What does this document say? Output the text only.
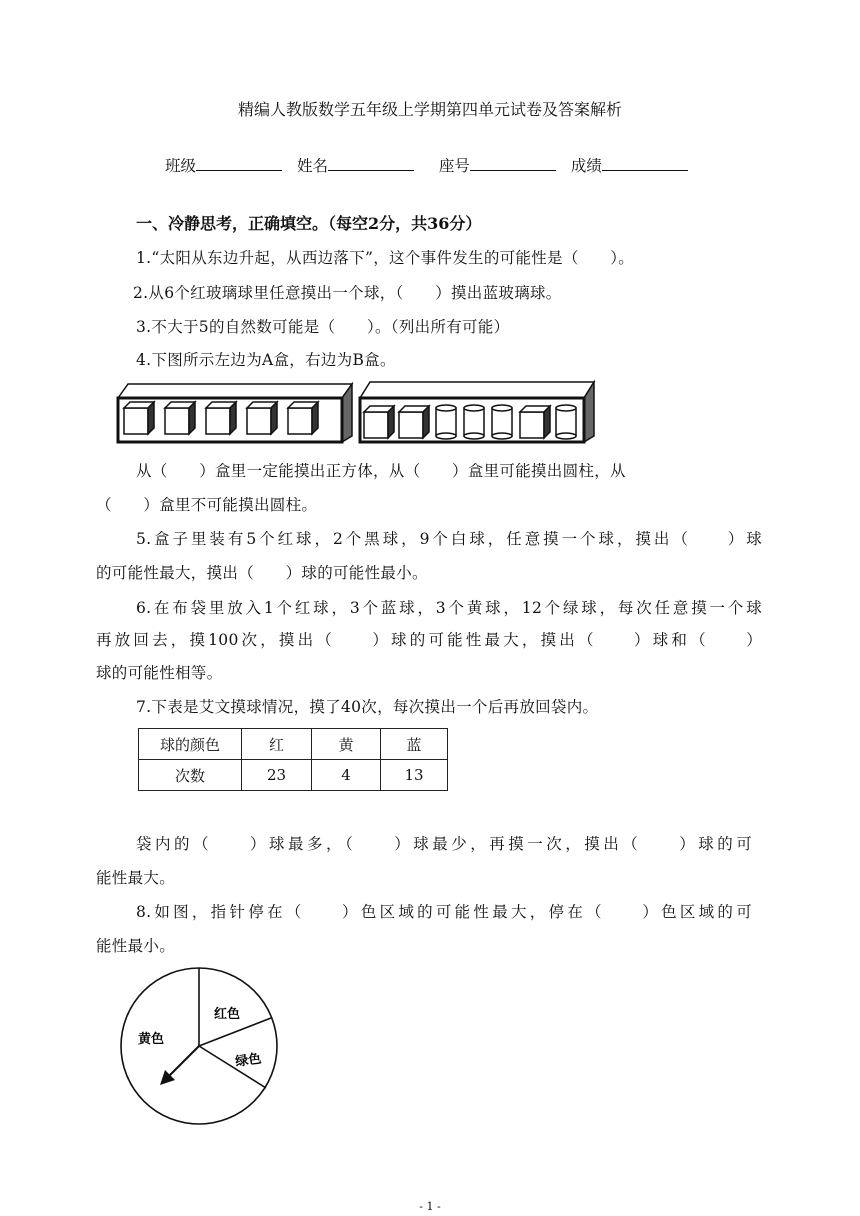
精编人教版数学五年级上学期第四单元试卷及答案解析
班级	姓名	座号	成绩
一、冷静思考，正确填空。（每空2分，共36分）
1.“太阳从东边升起，从西边落下”，这个事件发生的可能性是（　　）。
2.从6个红玻璃球里任意摸出一个球，（　　）摸出蓝玻璃球。
3.不大于5的自然数可能是（　　）。（列出所有可能）
4.下图所示左边为A盒，右边为B盒。
从（　　）盒里一定能摸出正方体，从（　　）盒里可能摸出圆柱，从
（　　）盒里不可能摸出圆柱。
5.盒子里装有5个红球，2个黑球，9个白球，任意摸一个球，摸出（　　）球
的可能性最大，摸出（　　）球的可能性最小。
6.在布袋里放入1个红球，3个蓝球，3个黄球，12个绿球，每次任意摸一个球
再放回去，摸100次，摸出（　　）球的可能性最大，摸出（　　）球和（　　）
球的可能性相等。
7.下表是艾文摸球情况，摸了40次，每次摸出一个后再放回袋内。
球的颜色	红	黄	蓝
次数	23	4	13
袋内的（　　）球最多，（　　）球最少，再摸一次，摸出（　　）球的可
能性最大。
8.如图，指针停在（　　）色区域的可能性最大，停在（　　）色区域的可
能性最小。
红色
黄色
绿色
- 1 -
